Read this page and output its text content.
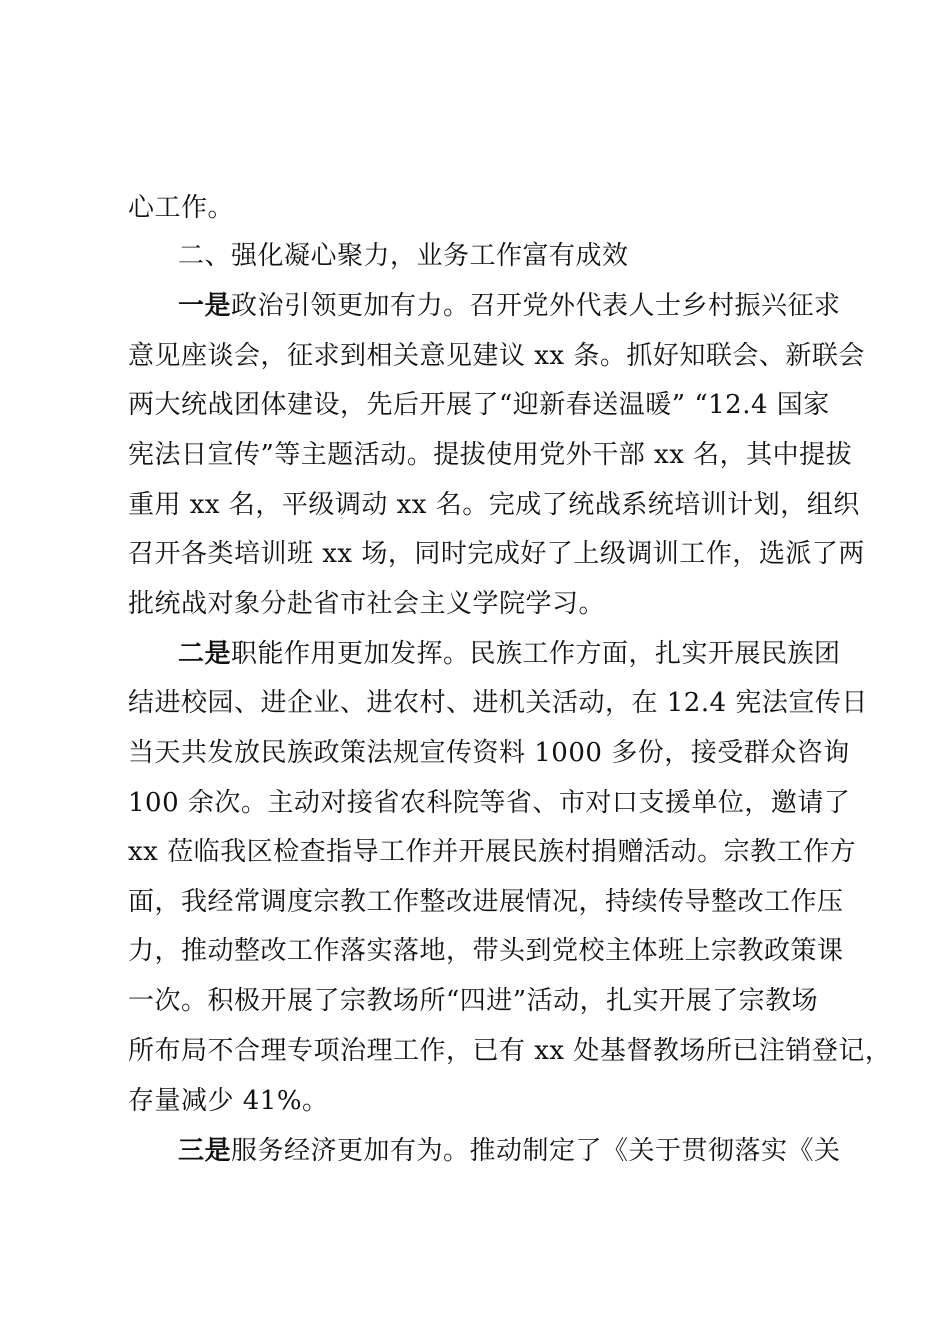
心工作。
二、强化凝心聚力，业务工作富有成效
一是政治引领更加有力。召开党外代表人士乡村振兴征求
意见座谈会，征求到相关意见建议 xx 条。抓好知联会、新联会
两大统战团体建设，先后开展了“迎新春送温暖” “12.4 国家
宪法日宣传”等主题活动。提拔使用党外干部 xx 名，其中提拔
重用 xx 名，平级调动 xx 名。完成了统战系统培训计划，组织
召开各类培训班 xx 场，同时完成好了上级调训工作，选派了两
批统战对象分赴省市社会主义学院学习。
二是职能作用更加发挥。民族工作方面，扎实开展民族团
结进校园、进企业、进农村、进机关活动，在 12.4 宪法宣传日
当天共发放民族政策法规宣传资料 1000 多份，接受群众咨询
100 余次。主动对接省农科院等省、市对口支援单位，邀请了
xx 莅临我区检查指导工作并开展民族村捐赠活动。宗教工作方
面，我经常调度宗教工作整改进展情况，持续传导整改工作压
力，推动整改工作落实落地，带头到党校主体班上宗教政策课
一次。积极开展了宗教场所“四进”活动，扎实开展了宗教场
所布局不合理专项治理工作，已有 xx 处基督教场所已注销登记，
存量减少 41%。
三是服务经济更加有为。推动制定了《关于贯彻落实《关
